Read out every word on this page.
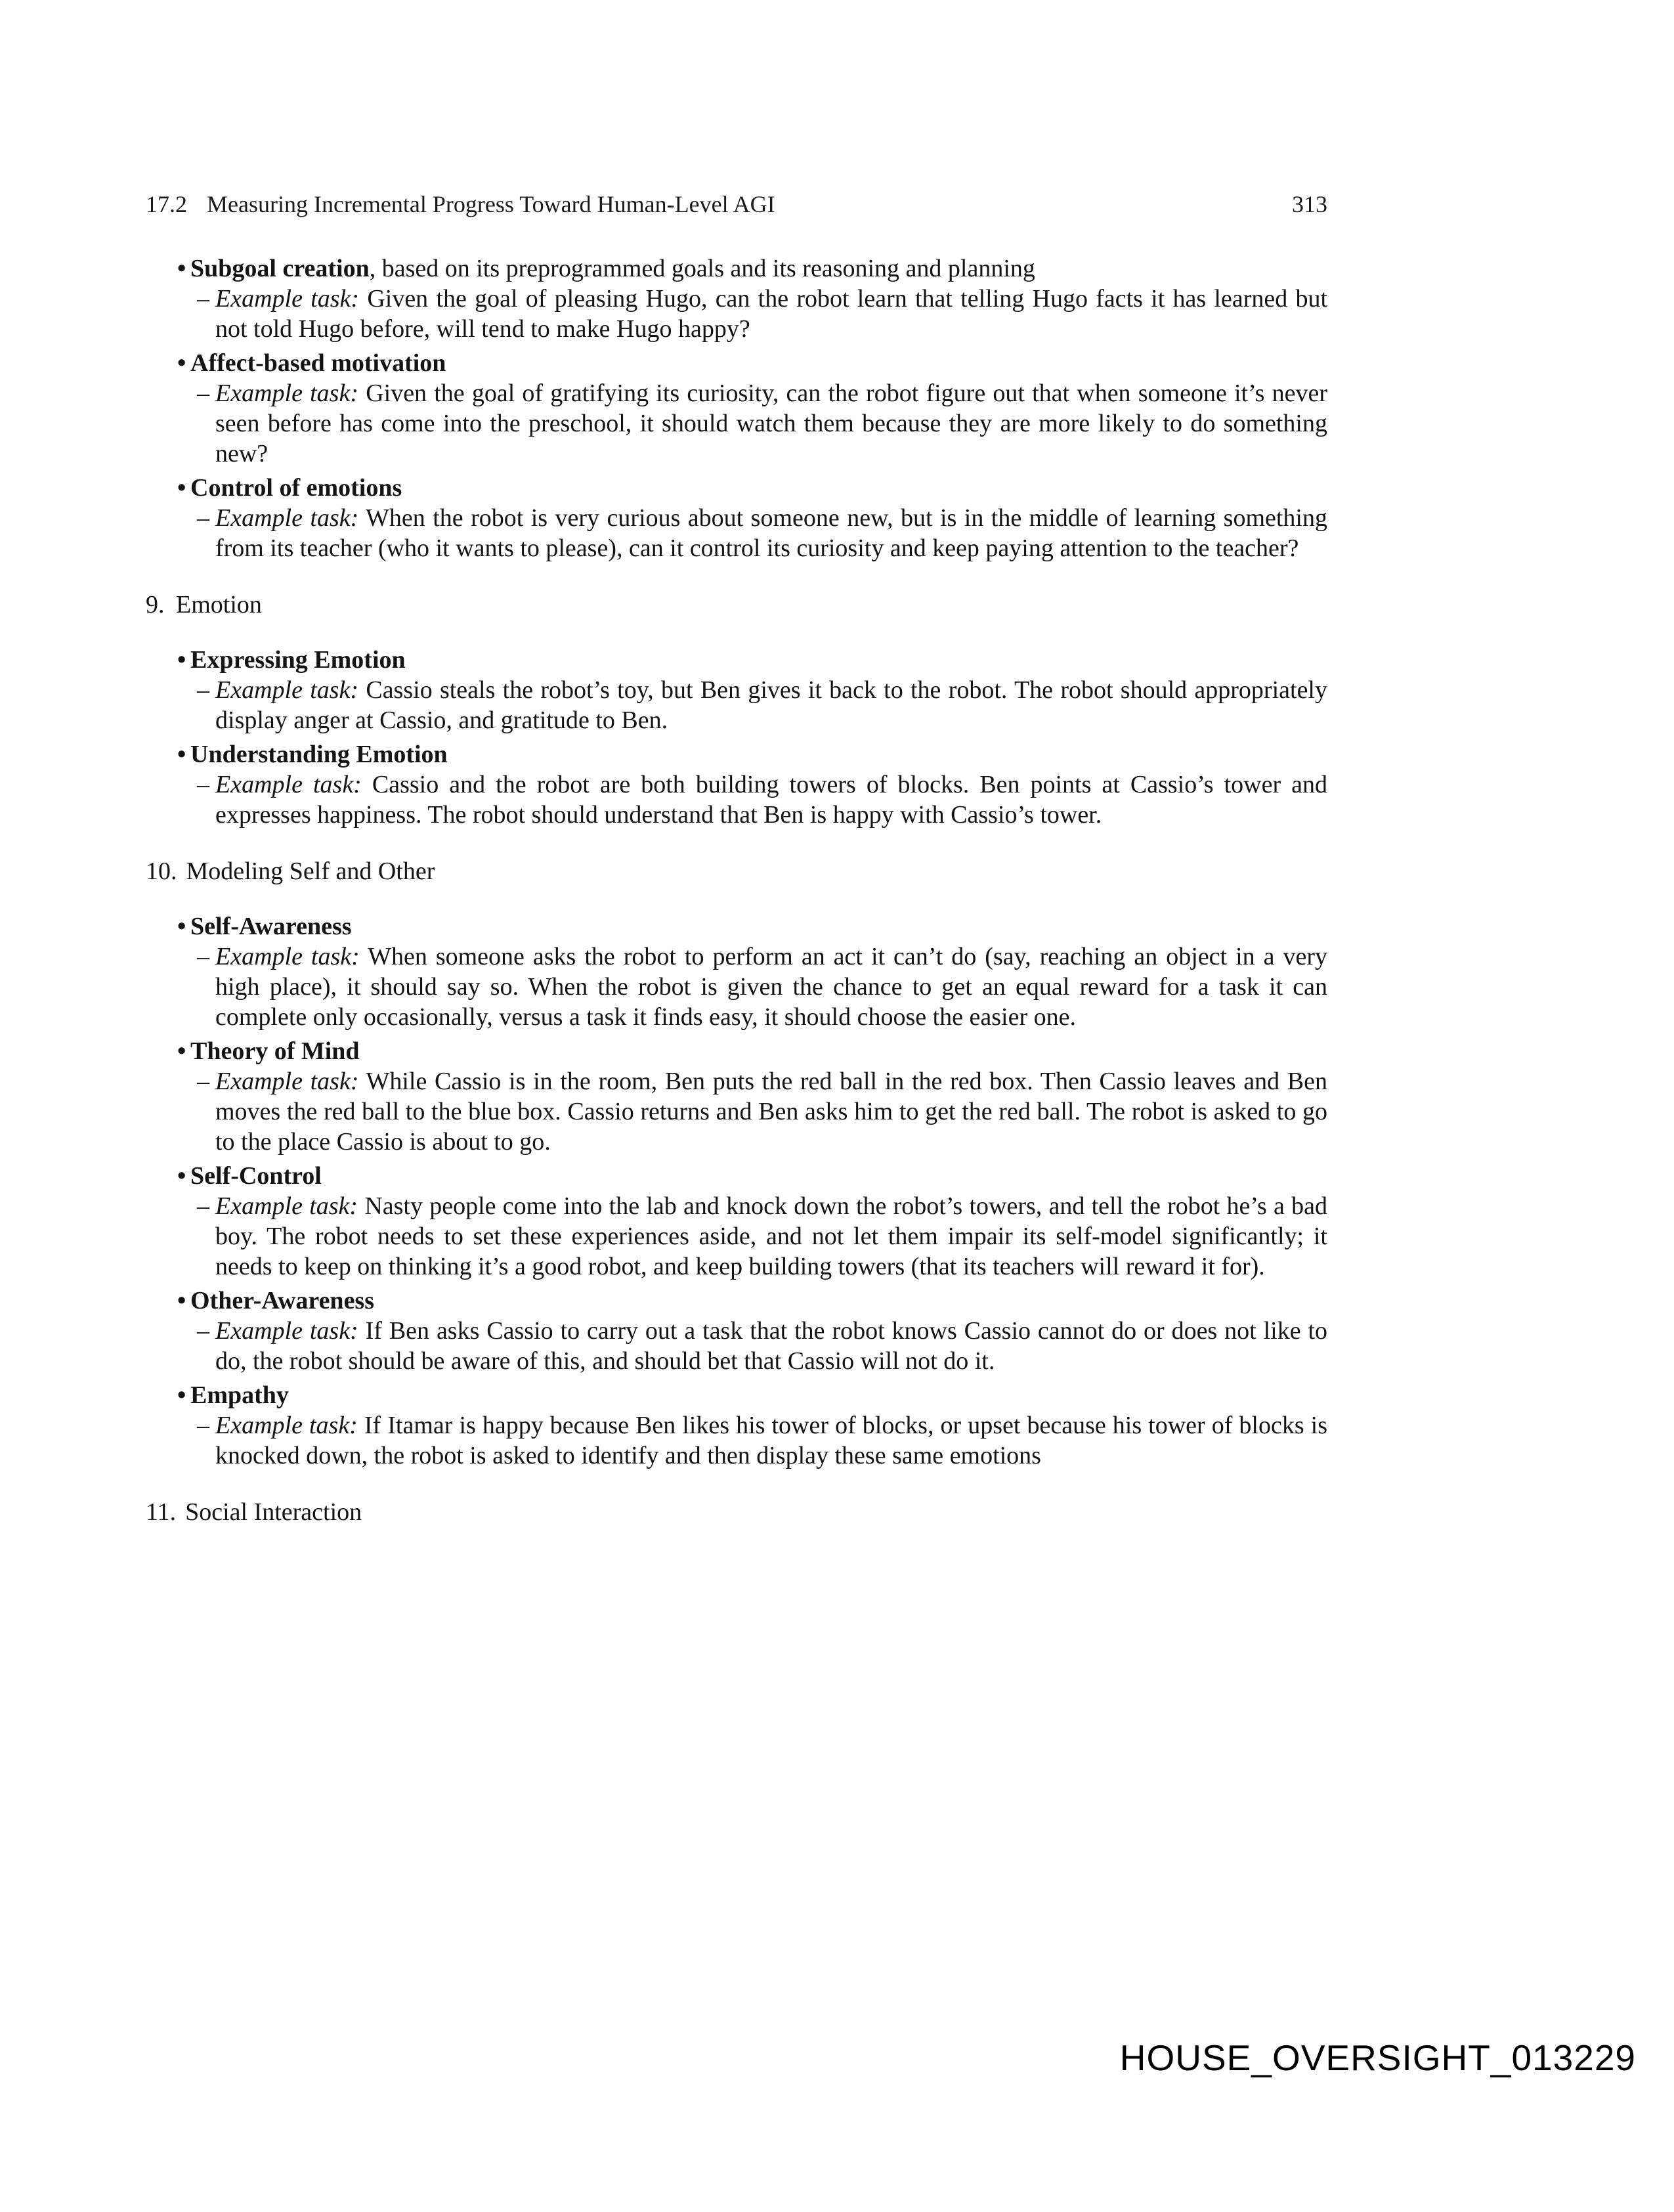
17.2 Measuring Incremental Progress Toward Human-Level AGI	313
• Subgoal creation, based on its preprogrammed goals and its reasoning and planning
– Example task: Given the goal of pleasing Hugo, can the robot learn that telling Hugo facts it has learned but not told Hugo before, will tend to make Hugo happy?
• Affect-based motivation
– Example task: Given the goal of gratifying its curiosity, can the robot figure out that when someone it’s never seen before has come into the preschool, it should watch them because they are more likely to do something new?
• Control of emotions
– Example task: When the robot is very curious about someone new, but is in the middle of learning something from its teacher (who it wants to please), can it control its curiosity and keep paying attention to the teacher?
9. Emotion
• Expressing Emotion
– Example task: Cassio steals the robot’s toy, but Ben gives it back to the robot. The robot should appropriately display anger at Cassio, and gratitude to Ben.
• Understanding Emotion
– Example task: Cassio and the robot are both building towers of blocks. Ben points at Cassio’s tower and expresses happiness. The robot should understand that Ben is happy with Cassio’s tower.
10. Modeling Self and Other
• Self-Awareness
– Example task: When someone asks the robot to perform an act it can’t do (say, reaching an object in a very high place), it should say so. When the robot is given the chance to get an equal reward for a task it can complete only occasionally, versus a task it finds easy, it should choose the easier one.
• Theory of Mind
– Example task: While Cassio is in the room, Ben puts the red ball in the red box. Then Cassio leaves and Ben moves the red ball to the blue box. Cassio returns and Ben asks him to get the red ball. The robot is asked to go to the place Cassio is about to go.
• Self-Control
– Example task: Nasty people come into the lab and knock down the robot’s towers, and tell the robot he’s a bad boy. The robot needs to set these experiences aside, and not let them impair its self-model significantly; it needs to keep on thinking it’s a good robot, and keep building towers (that its teachers will reward it for).
• Other-Awareness
– Example task: If Ben asks Cassio to carry out a task that the robot knows Cassio cannot do or does not like to do, the robot should be aware of this, and should bet that Cassio will not do it.
• Empathy
– Example task: If Itamar is happy because Ben likes his tower of blocks, or upset because his tower of blocks is knocked down, the robot is asked to identify and then display these same emotions
11. Social Interaction
HOUSE_OVERSIGHT_013229
